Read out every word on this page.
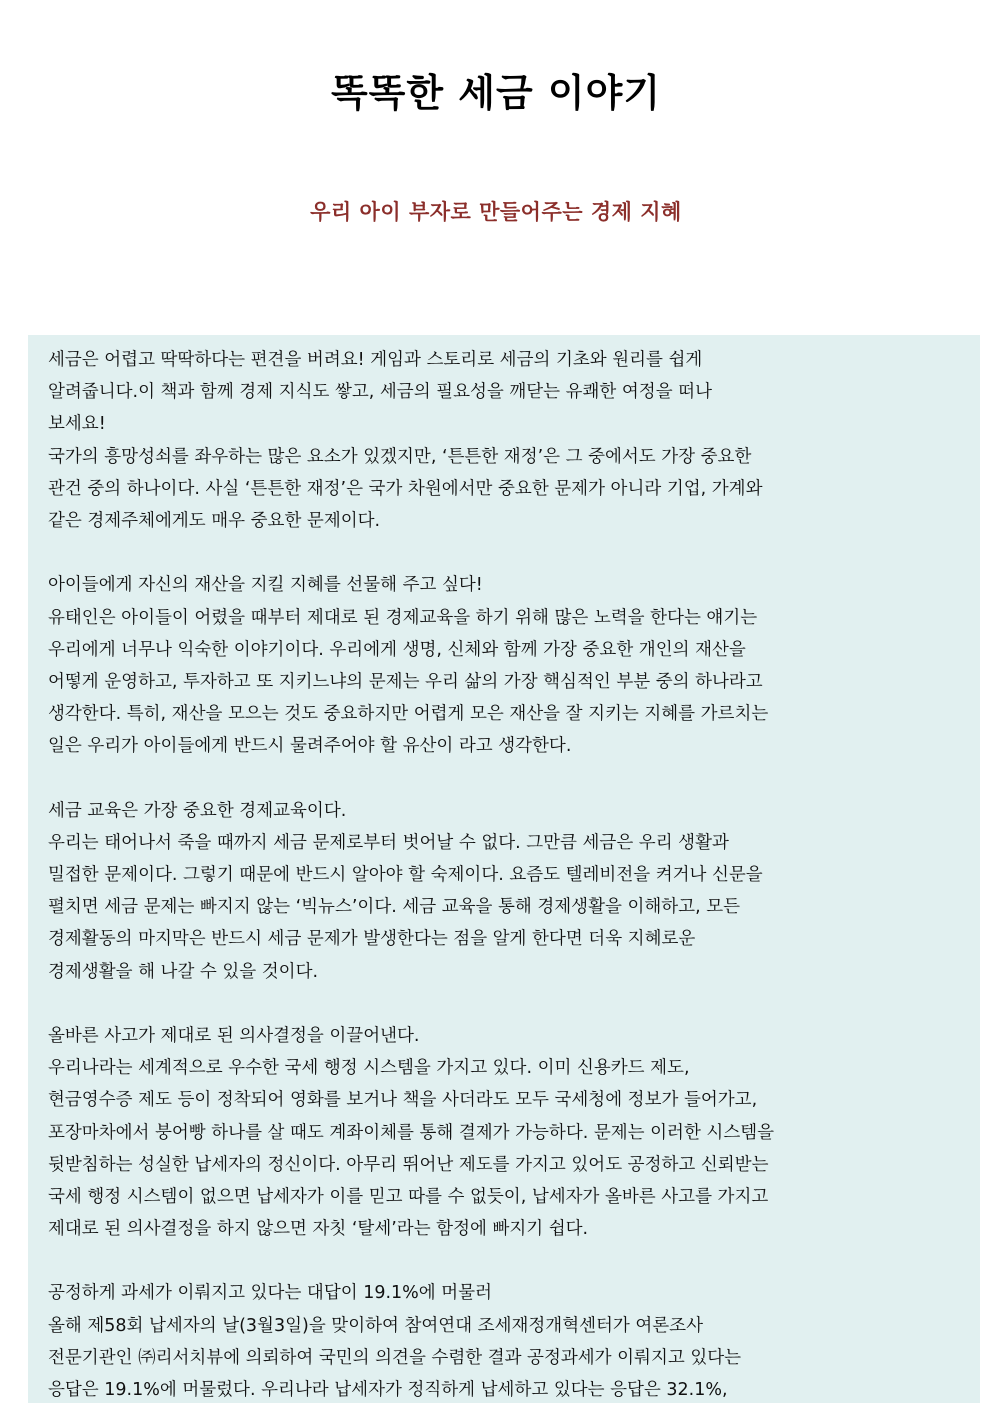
똑똑한 세금 이야기
우리 아이 부자로 만들어주는 경제 지혜
세금은 어렵고 딱딱하다는 편견을 버려요! 게임과 스토리로 세금의 기초와 원리를 쉽게
알려줍니다.이 책과 함께 경제 지식도 쌓고, 세금의 필요성을 깨닫는 유쾌한 여정을 떠나
보세요!
국가의 흥망성쇠를 좌우하는 많은 요소가 있겠지만, ‘튼튼한 재정’은 그 중에서도 가장 중요한
관건 중의 하나이다. 사실 ‘튼튼한 재정’은 국가 차원에서만 중요한 문제가 아니라 기업, 가계와
같은 경제주체에게도 매우 중요한 문제이다.
아이들에게 자신의 재산을 지킬 지혜를 선물해 주고 싶다!
유태인은 아이들이 어렸을 때부터 제대로 된 경제교육을 하기 위해 많은 노력을 한다는 얘기는
우리에게 너무나 익숙한 이야기이다. 우리에게 생명, 신체와 함께 가장 중요한 개인의 재산을
어떻게 운영하고, 투자하고 또 지키느냐의 문제는 우리 삶의 가장 핵심적인 부분 중의 하나라고
생각한다. 특히, 재산을 모으는 것도 중요하지만 어렵게 모은 재산을 잘 지키는 지혜를 가르치는
일은 우리가 아이들에게 반드시 물려주어야 할 유산이 라고 생각한다.
세금 교육은 가장 중요한 경제교육이다.
우리는 태어나서 죽을 때까지 세금 문제로부터 벗어날 수 없다. 그만큼 세금은 우리 생활과
밀접한 문제이다. 그렇기 때문에 반드시 알아야 할 숙제이다. 요즘도 텔레비전을 켜거나 신문을
펼치면 세금 문제는 빠지지 않는 ‘빅뉴스’이다. 세금 교육을 통해 경제생활을 이해하고, 모든
경제활동의 마지막은 반드시 세금 문제가 발생한다는 점을 알게 한다면 더욱 지혜로운
경제생활을 해 나갈 수 있을 것이다.
올바른 사고가 제대로 된 의사결정을 이끌어낸다.
우리나라는 세계적으로 우수한 국세 행정 시스템을 가지고 있다. 이미 신용카드 제도,
현금영수증 제도 등이 정착되어 영화를 보거나 책을 사더라도 모두 국세청에 정보가 들어가고,
포장마차에서 붕어빵 하나를 살 때도 계좌이체를 통해 결제가 가능하다. 문제는 이러한 시스템을
뒷받침하는 성실한 납세자의 정신이다. 아무리 뛰어난 제도를 가지고 있어도 공정하고 신뢰받는
국세 행정 시스템이 없으면 납세자가 이를 믿고 따를 수 없듯이, 납세자가 올바른 사고를 가지고
제대로 된 의사결정을 하지 않으면 자칫 ‘탈세’라는 함정에 빠지기 쉽다.
공정하게 과세가 이뤄지고 있다는 대답이 19.1%에 머물러
올해 제58회 납세자의 날(3월3일)을 맞이하여 참여연대 조세재정개혁센터가 여론조사
전문기관인 ㈜리서치뷰에 의뢰하여 국민의 의견을 수렴한 결과 공정과세가 이뤄지고 있다는
응답은 19.1%에 머물렀다. 우리나라 납세자가 정직하게 납세하고 있다는 응답은 32.1%,
